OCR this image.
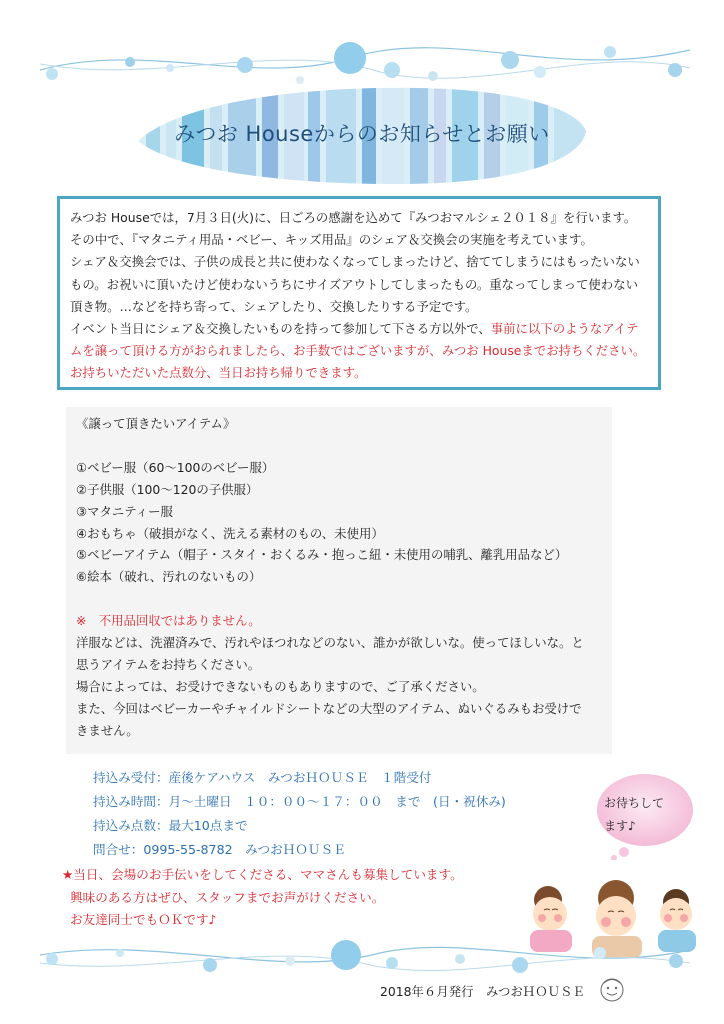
みつお Houseからのお知らせとお願い

みつお Houseでは，7月３日(火)に、日ごろの感謝を込めて『みつおマルシェ２０１８』を行います。

その中で、『マタニティ用品・ベビー、キッズ用品』のシェア＆交換会の実施を考えています。

シェア＆交換会では、子供の成長と共に使わなくなってしまったけど、捨ててしまうにはもったいない

もの。お祝いに頂いたけど使わないうちにサイズアウトしてしまったもの。重なってしまって使わない

頂き物。…などを持ち寄って、シェアしたり、交換したりする予定です。

イベント当日にシェア＆交換したいものを持って参加して下さる方以外で、事前に以下のようなアイテ

ムを譲って頂ける方がおられましたら、お手数ではございますが、みつお Houseまでお持ちください。

お持ちいただいた点数分、当日お持ち帰りできます。

《譲って頂きたいアイテム》

①ベビー服（60～100のベビー服）

②子供服（100～120の子供服）

③マタニティー服

④おもちゃ（破損がなく、洗える素材のもの、未使用）

⑤ベビーアイテム（帽子・スタイ・おくるみ・抱っこ紐・未使用の哺乳、離乳用品など）

⑥絵本（破れ、汚れのないもの）

※　不用品回収ではありません。

洋服などは、洗濯済みで、汚れやほつれなどのない、誰かが欲しいな。使ってほしいな。と

思うアイテムをお持ちください。

場合によっては、お受けできないものもありますので、ご了承ください。

また、今回はベビーカーやチャイルドシートなどの大型のアイテム、ぬいぐるみもお受けで

きません。

持込み受付：産後ケアハウス　みつおＨＯＵＳＥ　１階受付

持込み時間：月～土曜日　１０：００～１７：００　まで　(日・祝休み)

持込み点数：最大10点まで

問合せ：0995-55-8782　みつおＨＯＵＳＥ

お待ちして
ます♪

★当日、会場のお手伝いをしてくださる、ママさんも募集しています。

興味のある方はぜひ、スタッフまでお声がけください。

お友達同士でもＯＫです♪

2018年６月発行　みつおＨＯＵＳＥ
